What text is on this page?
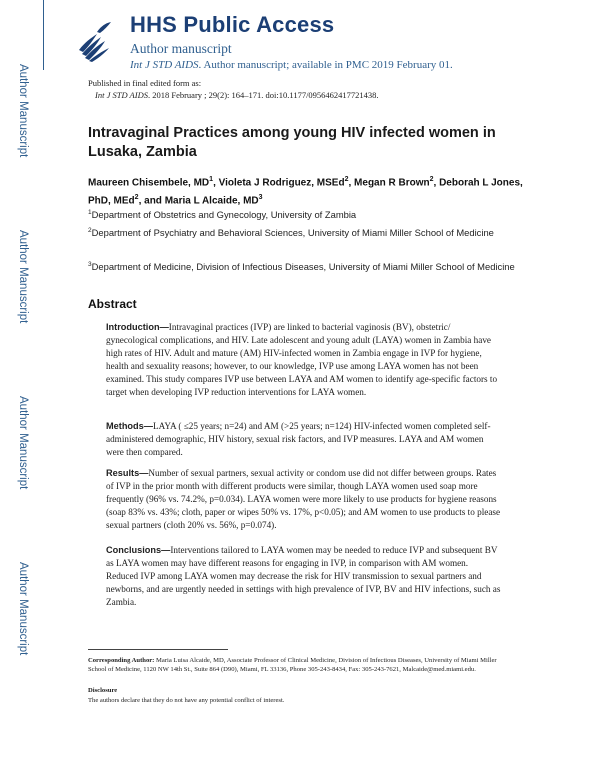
Author Manuscript
Author Manuscript
Author Manuscript
Author Manuscript
HHS Public Access
Author manuscript
Int J STD AIDS. Author manuscript; available in PMC 2019 February 01.
Published in final edited form as:
Int J STD AIDS. 2018 February ; 29(2): 164–171. doi:10.1177/0956462417721438.
Intravaginal Practices among young HIV infected women in Lusaka, Zambia
Maureen Chisembele, $MD^1$, Violeta J Rodriguez, MSEd$^2$, Megan R Brown$^2$, Deborah L Jones, PhD, MEd$^2$, and Maria L Alcaide, $MD^3$
$^1$Department of Obstetrics and Gynecology, University of Zambia
$^2$Department of Psychiatry and Behavioral Sciences, University of Miami Miller School of Medicine
$^3$Department of Medicine, Division of Infectious Diseases, University of Miami Miller School of Medicine
Abstract
Introduction—Intravaginal practices (IVP) are linked to bacterial vaginosis (BV), obstetric/ gynecological complications, and HIV. Late adolescent and young adult (LAYA) women in Zambia have high rates of HIV. Adult and mature (AM) HIV-infected women in Zambia engage in IVP for hygiene, health and sexuality reasons; however, to our knowledge, IVP use among LAYA women has not been examined. This study compares IVP use between LAYA and AM women to identify age-specific factors to target when developing IVP reduction interventions for LAYA women.
Methods—LAYA ( ≤25 years; n=24) and AM (>25 years; n=124) HIV-infected women completed self-administered demographic, HIV history, sexual risk factors, and IVP measures. LAYA and AM women were then compared.
Results—Number of sexual partners, sexual activity or condom use did not differ between groups. Rates of IVP in the prior month with different products were similar, though LAYA women used soap more frequently (96% vs. 74.2%, p=0.034). LAYA women were more likely to use products for hygiene reasons (soap 83% vs. 43%; cloth, paper or wipes 50% vs. 17%, p<0.05); and AM women to use products to please sexual partners (cloth 20% vs. 56%, p=0.074).
Conclusions—Interventions tailored to LAYA women may be needed to reduce IVP and subsequent BV as LAYA women may have different reasons for engaging in IVP, in comparison with AM women. Reduced IVP among LAYA women may decrease the risk for HIV transmission to sexual partners and newborns, and are urgently needed in settings with high prevalence of IVP, BV and HIV infections, such as Zambia.
Corresponding Author: Maria Luisa Alcaide, MD, Associate Professor of Clinical Medicine, Division of Infectious Diseases, University of Miami Miller School of Medicine, 1120 NW 14th St., Suite 864 (D90), Miami, FL 33136, Phone 305-243-8434, Fax: 305-243-7621, Malcaide@med.miami.edu.
Disclosure
The authors declare that they do not have any potential conflict of interest.
